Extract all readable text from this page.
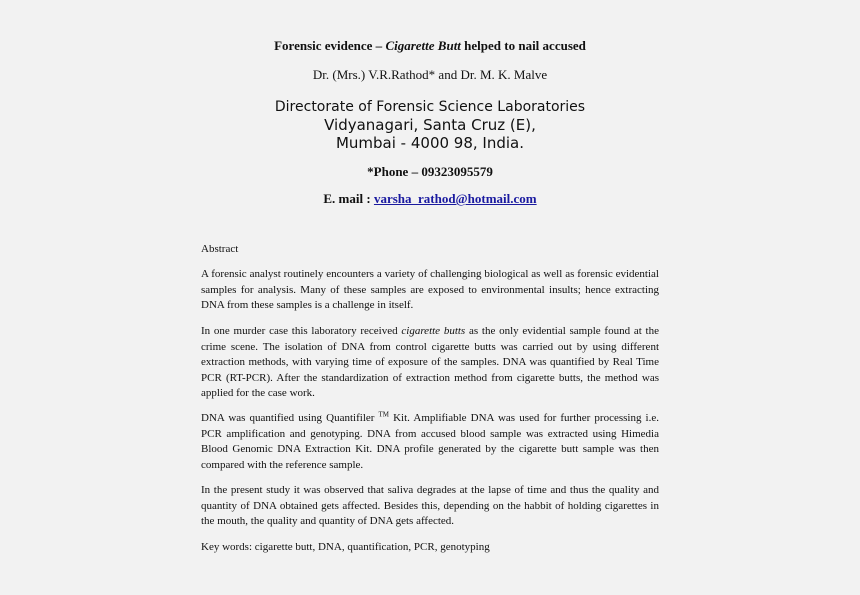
Forensic evidence – Cigarette Butt helped to nail accused
Dr. (Mrs.) V.R.Rathod* and Dr. M. K. Malve
Directorate of Forensic Science Laboratories
Vidyanagari, Santa Cruz (E),
Mumbai - 4000 98, India.
*Phone – 09323095579
E. mail : varsha_rathod@hotmail.com
Abstract
A forensic analyst routinely encounters a variety of challenging biological as well as forensic evidential samples for analysis. Many of these samples are exposed to environmental insults; hence extracting DNA from these samples is a challenge in itself.
In one murder case this laboratory received cigarette butts as the only evidential sample found at the crime scene. The isolation of DNA from control cigarette butts was carried out by using different extraction methods, with varying time of exposure of the samples. DNA was quantified by Real Time PCR (RT-PCR). After the standardization of extraction method from cigarette butts, the method was applied for the case work.
DNA was quantified using Quantifiler ™ Kit. Amplifiable DNA was used for further processing i.e. PCR amplification and genotyping. DNA from accused blood sample was extracted using Himedia Blood Genomic DNA Extraction Kit. DNA profile generated by the cigarette butt sample was then compared with the reference sample.
In the present study it was observed that saliva degrades at the lapse of time and thus the quality and quantity of DNA obtained gets affected. Besides this, depending on the habbit of holding cigarettes in the mouth, the quality and quantity of DNA gets affected.
Key words: cigarette butt, DNA, quantification, PCR, genotyping
